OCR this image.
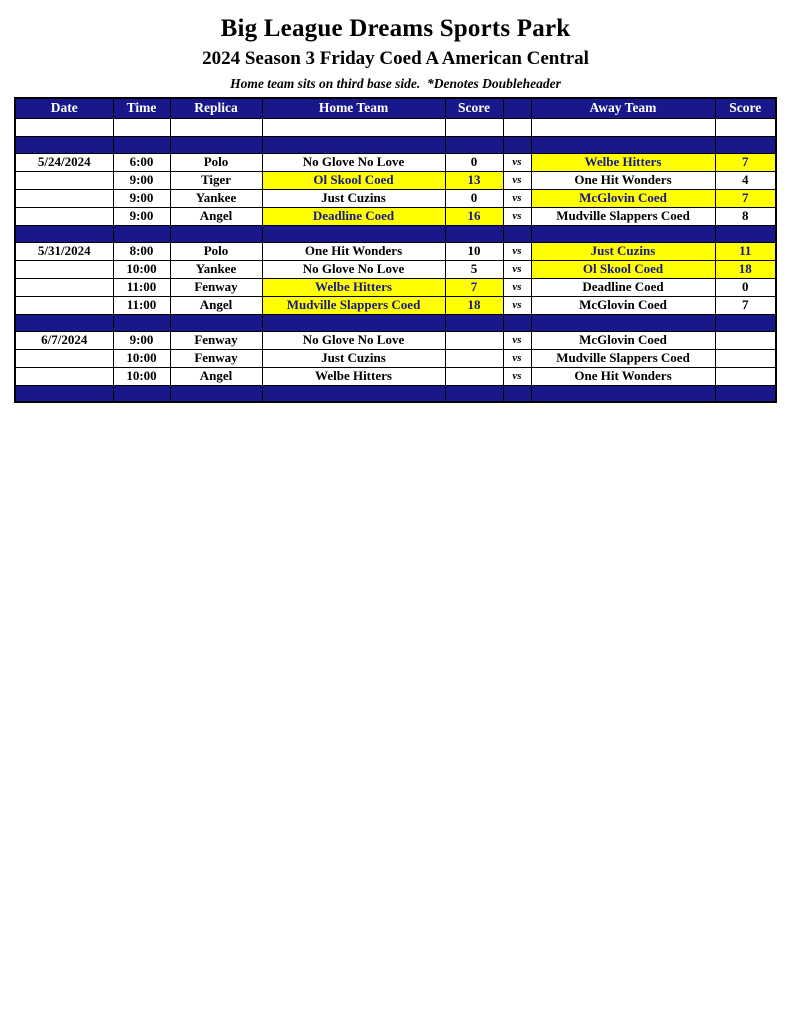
Big League Dreams Sports Park
2024 Season 3 Friday Coed A American Central
Home team sits on third base side.  *Denotes Doubleheader
Date	Time	Replica	Home Team	Score		Away Team	Score

5/24/2024	6:00	Polo	No Glove No Love	0	vs	Welbe Hitters	7
	9:00	Tiger	Ol Skool Coed	13	vs	One Hit Wonders	4
	9:00	Yankee	Just Cuzins	0	vs	McGlovin Coed	7
	9:00	Angel	Deadline Coed	16	vs	Mudville Slappers Coed	8

5/31/2024	8:00	Polo	One Hit Wonders	10	vs	Just Cuzins	11
	10:00	Yankee	No Glove No Love	5	vs	Ol Skool Coed	18
	11:00	Fenway	Welbe Hitters	7	vs	Deadline Coed	0
	11:00	Angel	Mudville Slappers Coed	18	vs	McGlovin Coed	7

6/7/2024	9:00	Fenway	No Glove No Love		vs	McGlovin Coed	
	10:00	Fenway	Just Cuzins		vs	Mudville Slappers Coed	
	10:00	Angel	Welbe Hitters		vs	One Hit Wonders	
